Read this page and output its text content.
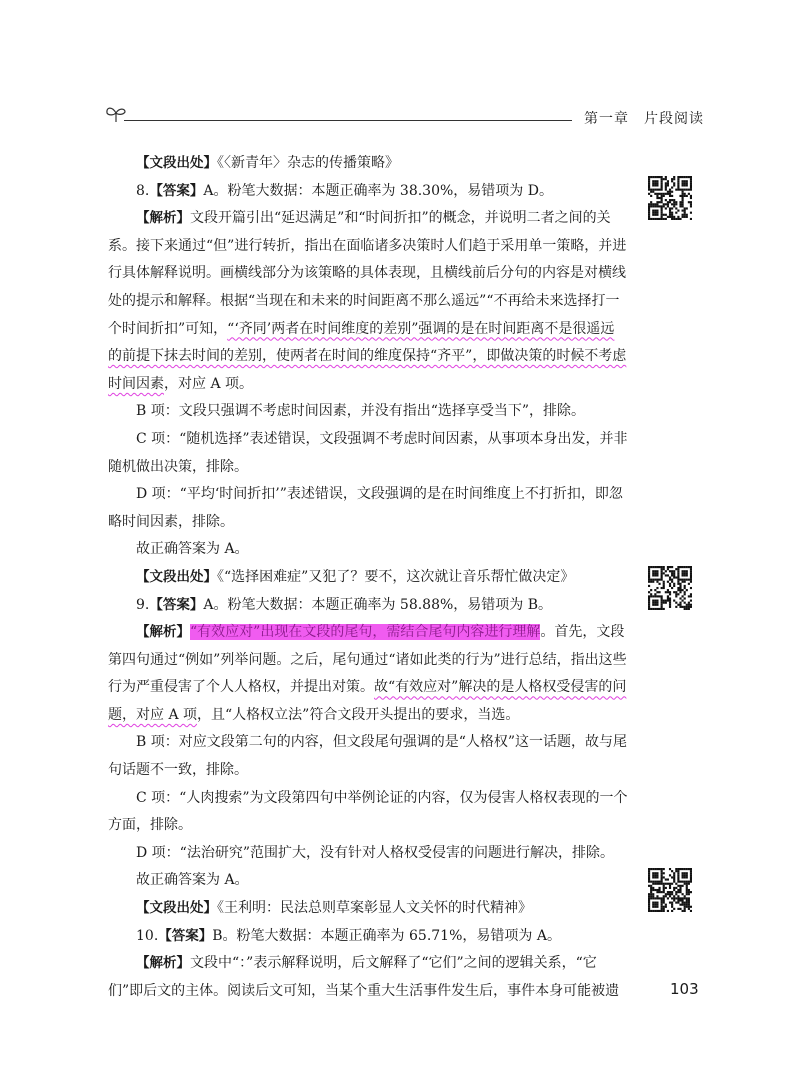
第一章　片段阅读

【文段出处】《〈新青年〉杂志的传播策略》

8.【答案】A。粉笔大数据：本题正确率为 38.30%，易错项为 D。

【解析】文段开篇引出“延迟满足”和“时间折扣”的概念，并说明二者之间的关系。接下来通过“但”进行转折，指出在面临诸多决策时人们趋于采用单一策略，并进行具体解释说明。画横线部分为该策略的具体表现，且横线前后分句的内容是对横线处的提示和解释。根据“当现在和未来的时间距离不那么遥远”“不再给未来选择打一个时间折扣”可知，“‘齐同’两者在时间维度的差别”强调的是在时间距离不是很遥远的前提下抹去时间的差别，使两者在时间的维度保持“齐平”，即做决策的时候不考虑时间因素，对应 A 项。

B 项：文段只强调不考虑时间因素，并没有指出“选择享受当下”，排除。

C 项：“随机选择”表述错误，文段强调不考虑时间因素，从事项本身出发，并非随机做出决策，排除。

D 项：“平均‘时间折扣’”表述错误，文段强调的是在时间维度上不打折扣，即忽略时间因素，排除。

故正确答案为 A。

【文段出处】《“选择困难症”又犯了？要不，这次就让音乐帮忙做决定》

9.【答案】A。粉笔大数据：本题正确率为 58.88%，易错项为 B。

【解析】“有效应对”出现在文段的尾句，需结合尾句内容进行理解。首先，文段第四句通过“例如”列举问题。之后，尾句通过“诸如此类的行为”进行总结，指出这些行为严重侵害了个人人格权，并提出对策。故“有效应对”解决的是人格权受侵害的问题，对应 A 项，且“人格权立法”符合文段开头提出的要求，当选。

B 项：对应文段第二句的内容，但文段尾句强调的是“人格权”这一话题，故与尾句话题不一致，排除。

C 项：“人肉搜索”为文段第四句中举例论证的内容，仅为侵害人格权表现的一个方面，排除。

D 项：“法治研究”范围扩大，没有针对人格权受侵害的问题进行解决，排除。

故正确答案为 A。

【文段出处】《王利明：民法总则草案彰显人文关怀的时代精神》

10.【答案】B。粉笔大数据：本题正确率为 65.71%，易错项为 A。

【解析】文段中“：”表示解释说明，后文解释了“它们”之间的逻辑关系，“它们”即后文的主体。阅读后文可知，当某个重大生活事件发生后，事件本身可能被遗	103
